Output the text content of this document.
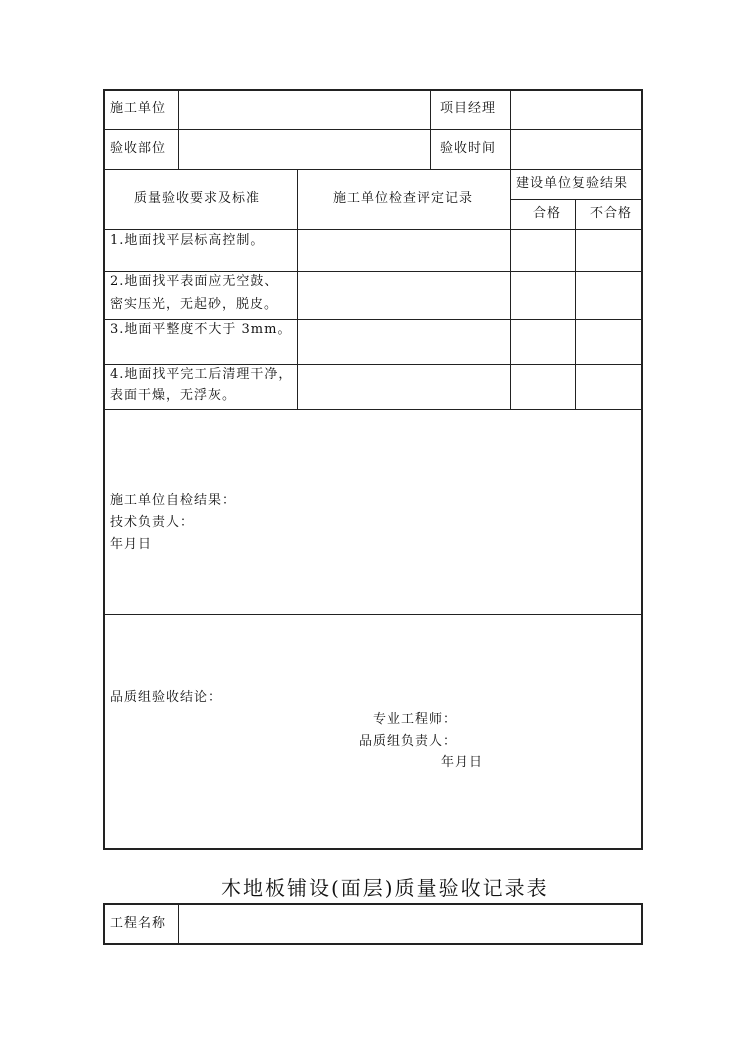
施工单位	项目经理
验收部位	验收时间
质量验收要求及标准	施工单位检查评定记录
建设单位复验结果
合格 不合格
1.地面找平层标高控制。
2.地面找平表面应无空鼓、
密实压光，无起砂，脱皮。
3.地面平整度不大于 3mm。
4.地面找平完工后清理干净，
表面干燥，无浮灰。
施工单位自检结果：
技术负责人：
年月日
品质组验收结论：
专业工程师：
品质组负责人：
年月日
木地板铺设(面层)质量验收记录表
工程名称
